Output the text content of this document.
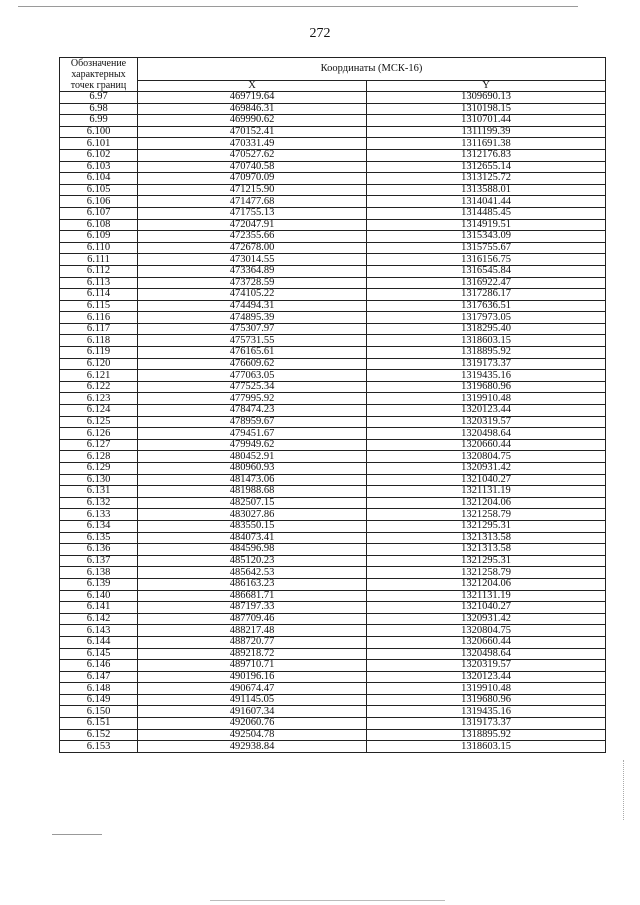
272
Обозначение характерных точек границ	Координаты (МСК-16)	
	X	Y
6.97	469719.64	1309690.13
6.98	469846.31	1310198.15
6.99	469990.62	1310701.44
6.100	470152.41	1311199.39
6.101	470331.49	1311691.38
6.102	470527.62	1312176.83
6.103	470740.58	1312655.14
6.104	470970.09	1313125.72
6.105	471215.90	1313588.01
6.106	471477.68	1314041.44
6.107	471755.13	1314485.45
6.108	472047.91	1314919.51
6.109	472355.66	1315343.09
6.110	472678.00	1315755.67
6.111	473014.55	1316156.75
6.112	473364.89	1316545.84
6.113	473728.59	1316922.47
6.114	474105.22	1317286.17
6.115	474494.31	1317636.51
6.116	474895.39	1317973.05
6.117	475307.97	1318295.40
6.118	475731.55	1318603.15
6.119	476165.61	1318895.92
6.120	476609.62	1319173.37
6.121	477063.05	1319435.16
6.122	477525.34	1319680.96
6.123	477995.92	1319910.48
6.124	478474.23	1320123.44
6.125	478959.67	1320319.57
6.126	479451.67	1320498.64
6.127	479949.62	1320660.44
6.128	480452.91	1320804.75
6.129	480960.93	1320931.42
6.130	481473.06	1321040.27
6.131	481988.68	1321131.19
6.132	482507.15	1321204.06
6.133	483027.86	1321258.79
6.134	483550.15	1321295.31
6.135	484073.41	1321313.58
6.136	484596.98	1321313.58
6.137	485120.23	1321295.31
6.138	485642.53	1321258.79
6.139	486163.23	1321204.06
6.140	486681.71	1321131.19
6.141	487197.33	1321040.27
6.142	487709.46	1320931.42
6.143	488217.48	1320804.75
6.144	488720.77	1320660.44
6.145	489218.72	1320498.64
6.146	489710.71	1320319.57
6.147	490196.16	1320123.44
6.148	490674.47	1319910.48
6.149	491145.05	1319680.96
6.150	491607.34	1319435.16
6.151	492060.76	1319173.37
6.152	492504.78	1318895.92
6.153	492938.84	1318603.15
